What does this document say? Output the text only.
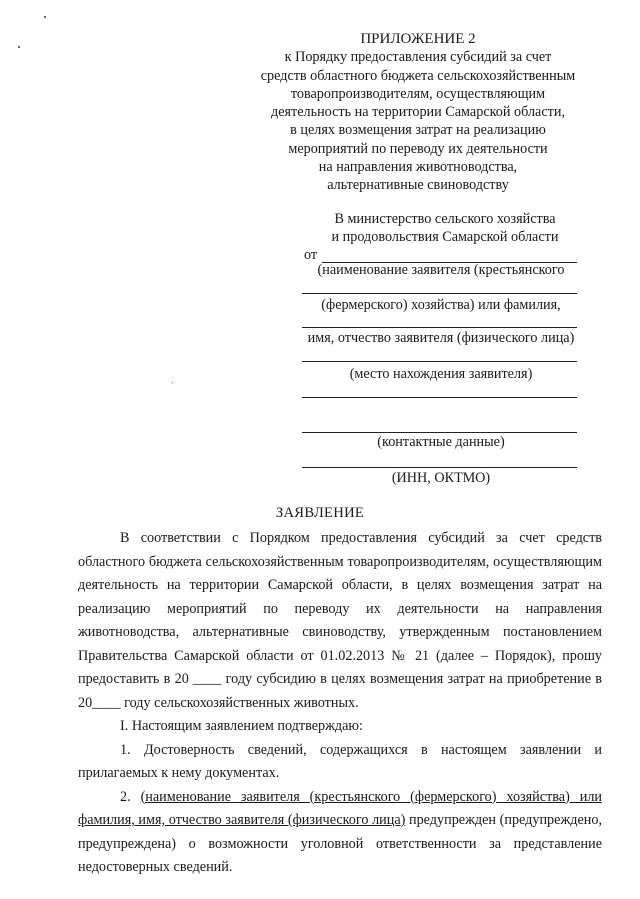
ПРИЛОЖЕНИЕ 2
к Порядку предоставления субсидий за счет
средств областного бюджета сельскохозяйственным
товаропроизводителям, осуществляющим
деятельность на территории Самарской области,
в целях возмещения затрат на реализацию
мероприятий по переводу их деятельности
на направления животноводства,
альтернативные свиноводству
В министерство сельского хозяйства
и продовольствия Самарской области
от
(наименование заявителя (крестьянского
(фермерского) хозяйства) или фамилия,
имя, отчество заявителя (физического лица)
(место нахождения заявителя)
(контактные данные)
(ИНН, ОКТМО)
ЗАЯВЛЕНИЕ

В соответствии с Порядком предоставления субсидий за счет средств областного бюджета сельскохозяйственным товаропроизводителям, осуществляющим деятельность на территории Самарской области, в целях возмещения затрат на реализацию мероприятий по переводу их деятельности на направления животноводства, альтернативные свиноводству, утвержденным постановлением Правительства Самарской области от 01.02.2013 № 21 (далее – Порядок), прошу предоставить в 20 ____ году субсидию в целях возмещения затрат на приобретение в 20____ году сельскохозяйственных животных.

I. Настоящим заявлением подтверждаю:

1. Достоверность сведений, содержащихся в настоящем заявлении и прилагаемых к нему документах.

2. (наименование заявителя (крестьянского (фермерского) хозяйства) или фамилия, имя, отчество заявителя (физического лица) предупрежден (предупреждено, предупреждена) о возможности уголовной ответственности за представление недостоверных сведений.
